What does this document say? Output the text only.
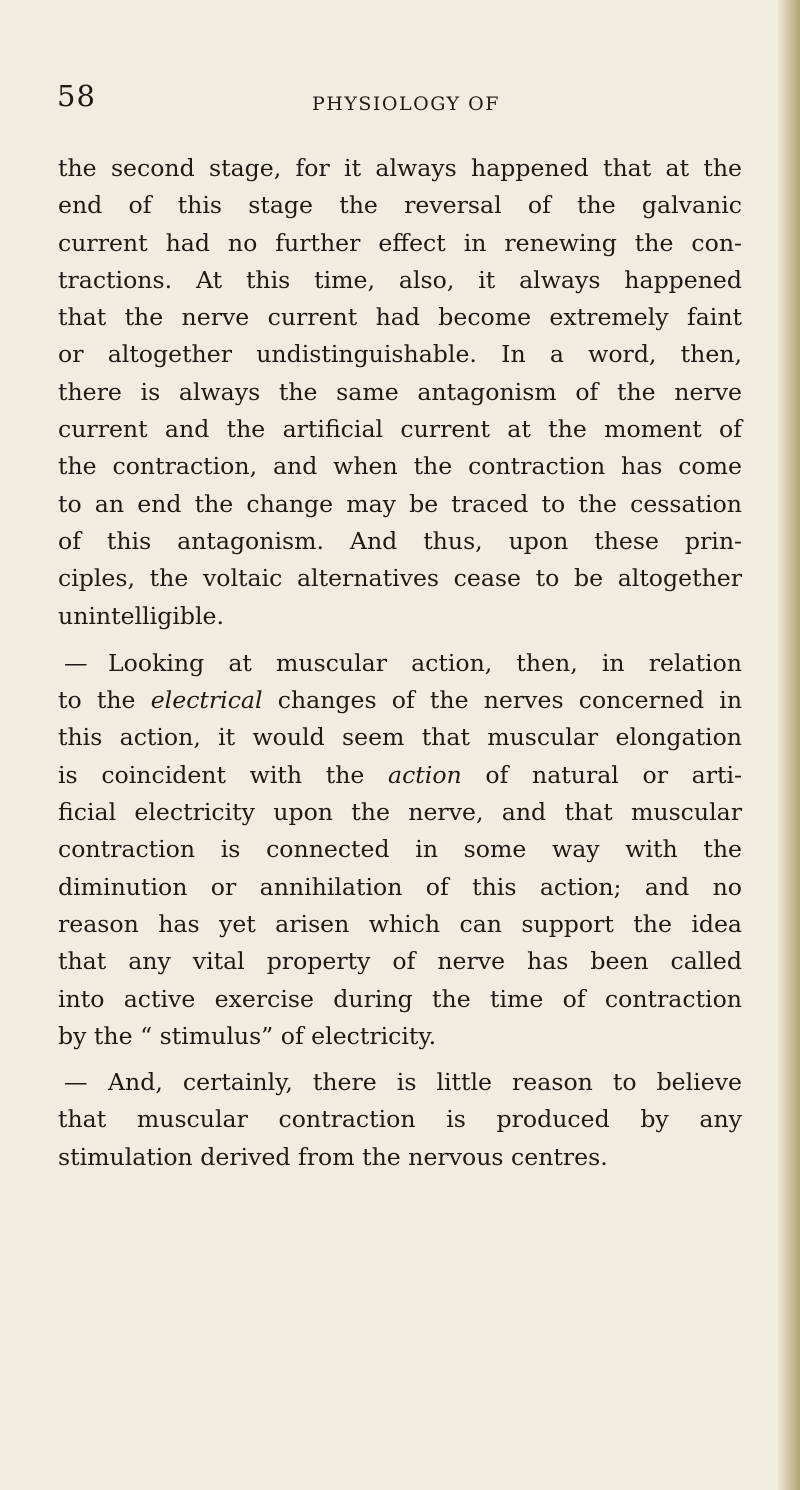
58	PHYSIOLOGY OF

the second stage, for it always happened that at the
end of this stage the reversal of the galvanic
current had no further effect in renewing the con-
tractions. At this time, also, it always happened
that the nerve current had become extremely faint
or altogether undistinguishable. In a word, then,
there is always the same antagonism of the nerve
current and the artificial current at the moment of
the contraction, and when the contraction has come
to an end the change may be traced to the cessation
of this antagonism. And thus, upon these prin-
ciples, the voltaic alternatives cease to be altogether
unintelligible.

— Looking at muscular action, then, in relation
to the electrical changes of the nerves concerned in
this action, it would seem that muscular elongation
is coincident with the action of natural or arti-
ficial electricity upon the nerve, and that muscular
contraction is connected in some way with the
diminution or annihilation of this action; and no
reason has yet arisen which can support the idea
that any vital property of nerve has been called
into active exercise during the time of contraction
by the “ stimulus” of electricity.

— And, certainly, there is little reason to believe
that muscular contraction is produced by any
stimulation derived from the nervous centres.
